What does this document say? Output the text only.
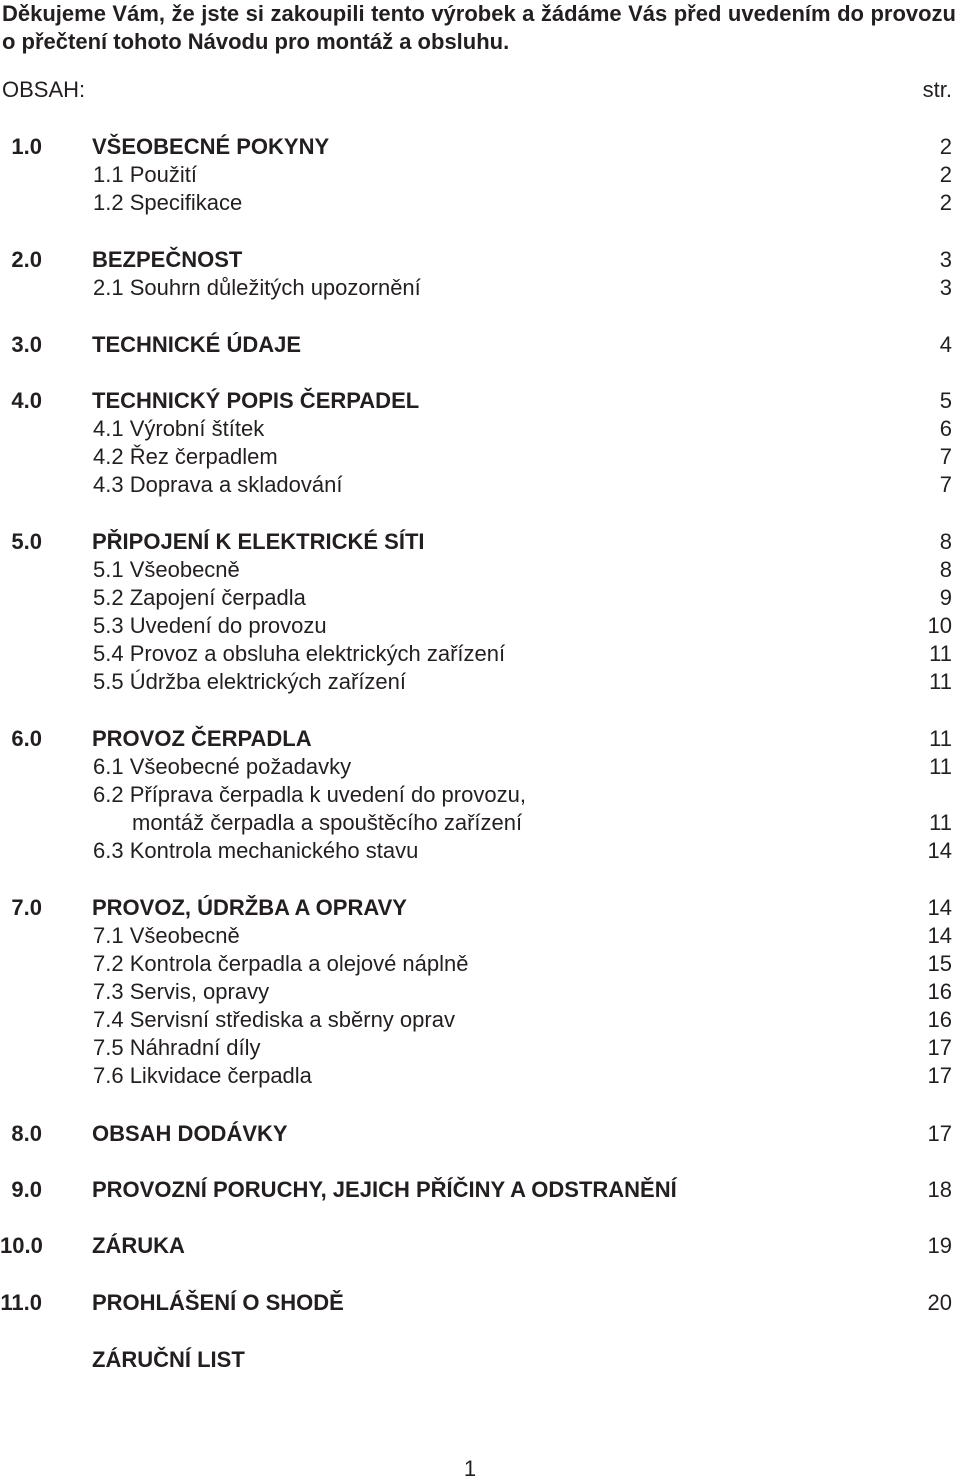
Děkujeme Vám, že jste si zakoupili tento výrobek a žádáme Vás před uvedením do provozu o přečtení tohoto Návodu pro montáž a obsluhu.
OBSAH:	str.
1.0 VŠEOBECNÉ POKYNY	2
1.1 Použití	2
1.2 Specifikace	2
2.0 BEZPEČNOST	3
2.1 Souhrn důležitých upozornění	3
3.0 TECHNICKÉ ÚDAJE	4
4.0 TECHNICKÝ POPIS ČERPADEL	5
4.1 Výrobní štítek	6
4.2 Řez čerpadlem	7
4.3 Doprava a skladování	7
5.0 PŘIPOJENÍ K ELEKTRICKÉ SÍTI	8
5.1 Všeobecně	8
5.2 Zapojení čerpadla	9
5.3 Uvedení do provozu	10
5.4 Provoz a obsluha elektrických zařízení	11
5.5 Údržba elektrických zařízení	11
6.0 PROVOZ ČERPADLA	11
6.1 Všeobecné požadavky	11
6.2 Příprava čerpadla k uvedení do provozu,
montáž čerpadla a spouštěcího zařízení	11
6.3 Kontrola mechanického stavu	14
7.0 PROVOZ, ÚDRŽBA A OPRAVY	14
7.1 Všeobecně	14
7.2 Kontrola čerpadla a olejové náplně	15
7.3 Servis, opravy	16
7.4 Servisní střediska a sběrny oprav	16
7.5 Náhradní díly	17
7.6 Likvidace čerpadla	17
8.0 OBSAH DODÁVKY	17
9.0 PROVOZNÍ PORUCHY, JEJICH PŘÍČINY A ODSTRANĚNÍ	18
10.0 ZÁRUKA	19
11.0 PROHLÁŠENÍ O SHODĚ	20
ZÁRUČNÍ LIST
1
